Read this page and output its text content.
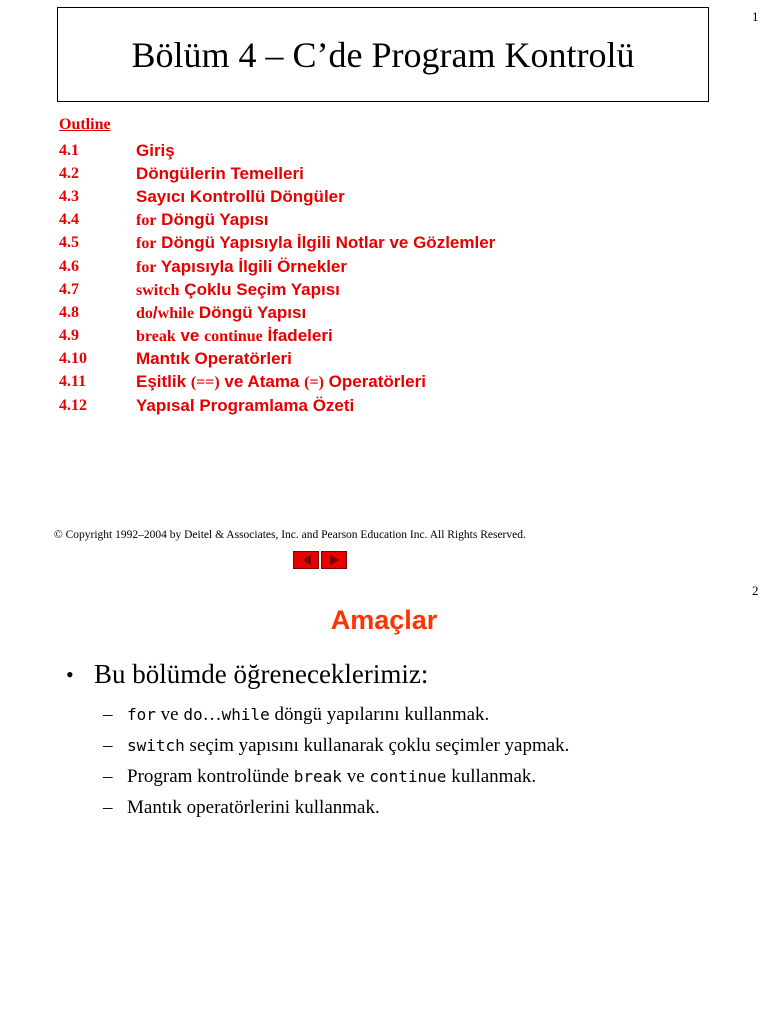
1
Bölüm 4 – C’de Program Kontrolü
Outline
4.1	Giriş
4.2	Döngülerin Temelleri
4.3	Sayıcı Kontrollü Döngüler
4.4	for Döngü Yapısı
4.5	for Döngü Yapısıyla İlgili Notlar ve Gözlemler
4.6	for Yapısıyla İlgili Örnekler
4.7	switch Çoklu Seçim Yapısı
4.8	do/while Döngü Yapısı
4.9	break ve continue İfadeleri
4.10	Mantık Operatörleri
4.11	Eşitlik (==) ve Atama (=) Operatörleri
4.12	Yapısal Programlama Özeti
© Copyright 1992–2004 by Deitel & Associates, Inc. and Pearson Education Inc. All Rights Reserved.
2
Amaçlar
• Bu bölümde öğreneceklerimiz:
– for ve do … while döngü yapılarını kullanmak.
– switch seçim yapısını kullanarak çoklu seçimler yapmak.
– Program kontrolünde break ve continue kullanmak.
– Mantık operatörlerini kullanmak.
